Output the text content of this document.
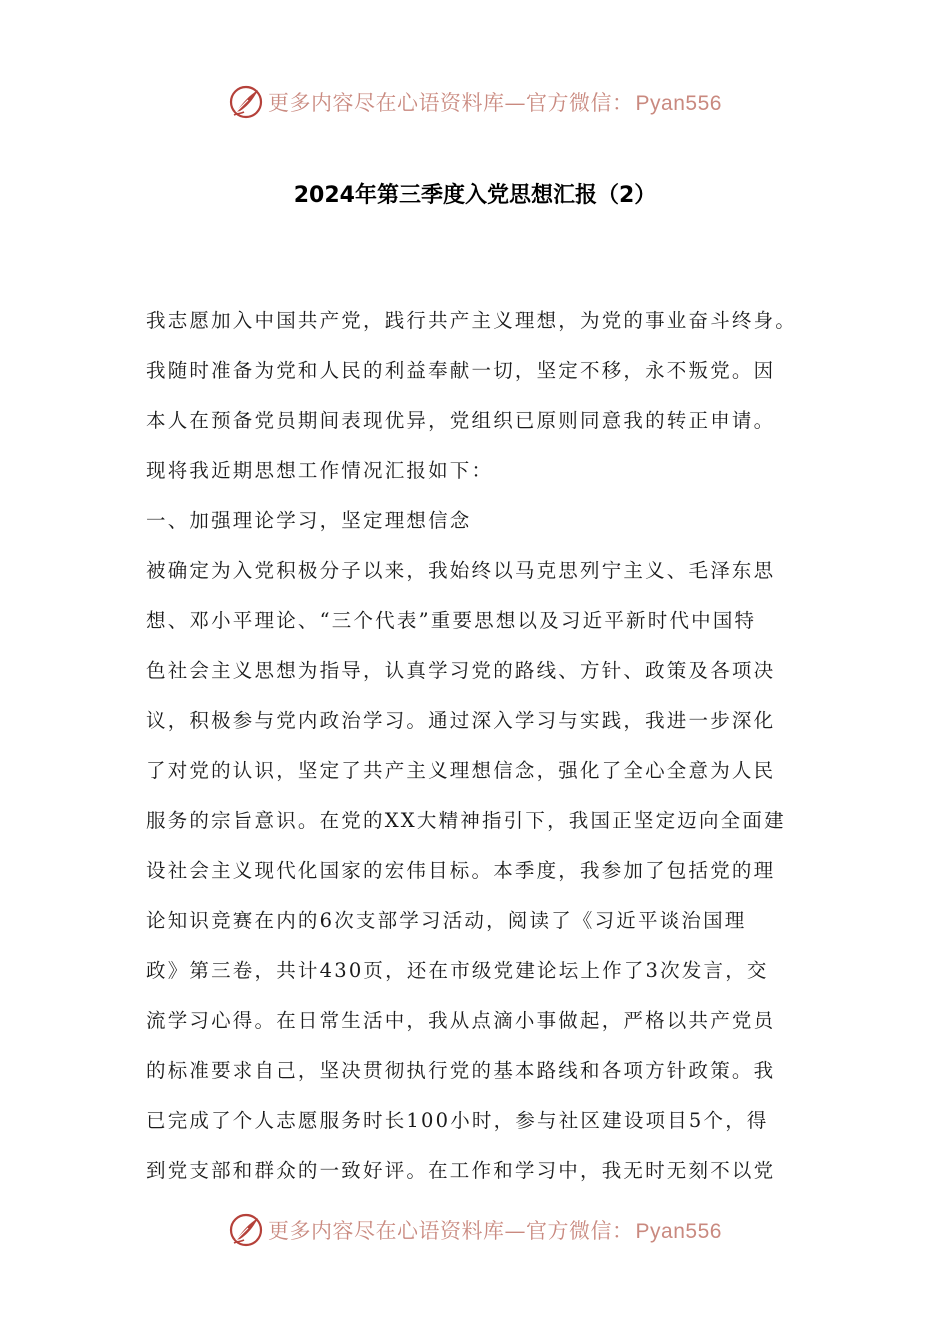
更多内容尽在心语资料库—官方微信：Pyan556
2024年第三季度入党思想汇报（2）
我志愿加入中国共产党，践行共产主义理想，为党的事业奋斗终身。
我随时准备为党和人民的利益奉献一切，坚定不移，永不叛党。因
本人在预备党员期间表现优异，党组织已原则同意我的转正申请。
现将我近期思想工作情况汇报如下：
一、加强理论学习，坚定理想信念
被确定为入党积极分子以来，我始终以马克思列宁主义、毛泽东思
想、邓小平理论、“三个代表”重要思想以及习近平新时代中国特
色社会主义思想为指导，认真学习党的路线、方针、政策及各项决
议，积极参与党内政治学习。通过深入学习与实践，我进一步深化
了对党的认识，坚定了共产主义理想信念，强化了全心全意为人民
服务的宗旨意识。在党的XX大精神指引下，我国正坚定迈向全面建
设社会主义现代化国家的宏伟目标。本季度，我参加了包括党的理
论知识竞赛在内的6次支部学习活动，阅读了《习近平谈治国理
政》第三卷，共计430页，还在市级党建论坛上作了3次发言，交
流学习心得。在日常生活中，我从点滴小事做起，严格以共产党员
的标准要求自己，坚决贯彻执行党的基本路线和各项方针政策。我
已完成了个人志愿服务时长100小时，参与社区建设项目5个，得
到党支部和群众的一致好评。在工作和学习中，我无时无刻不以党
更多内容尽在心语资料库—官方微信：Pyan556
